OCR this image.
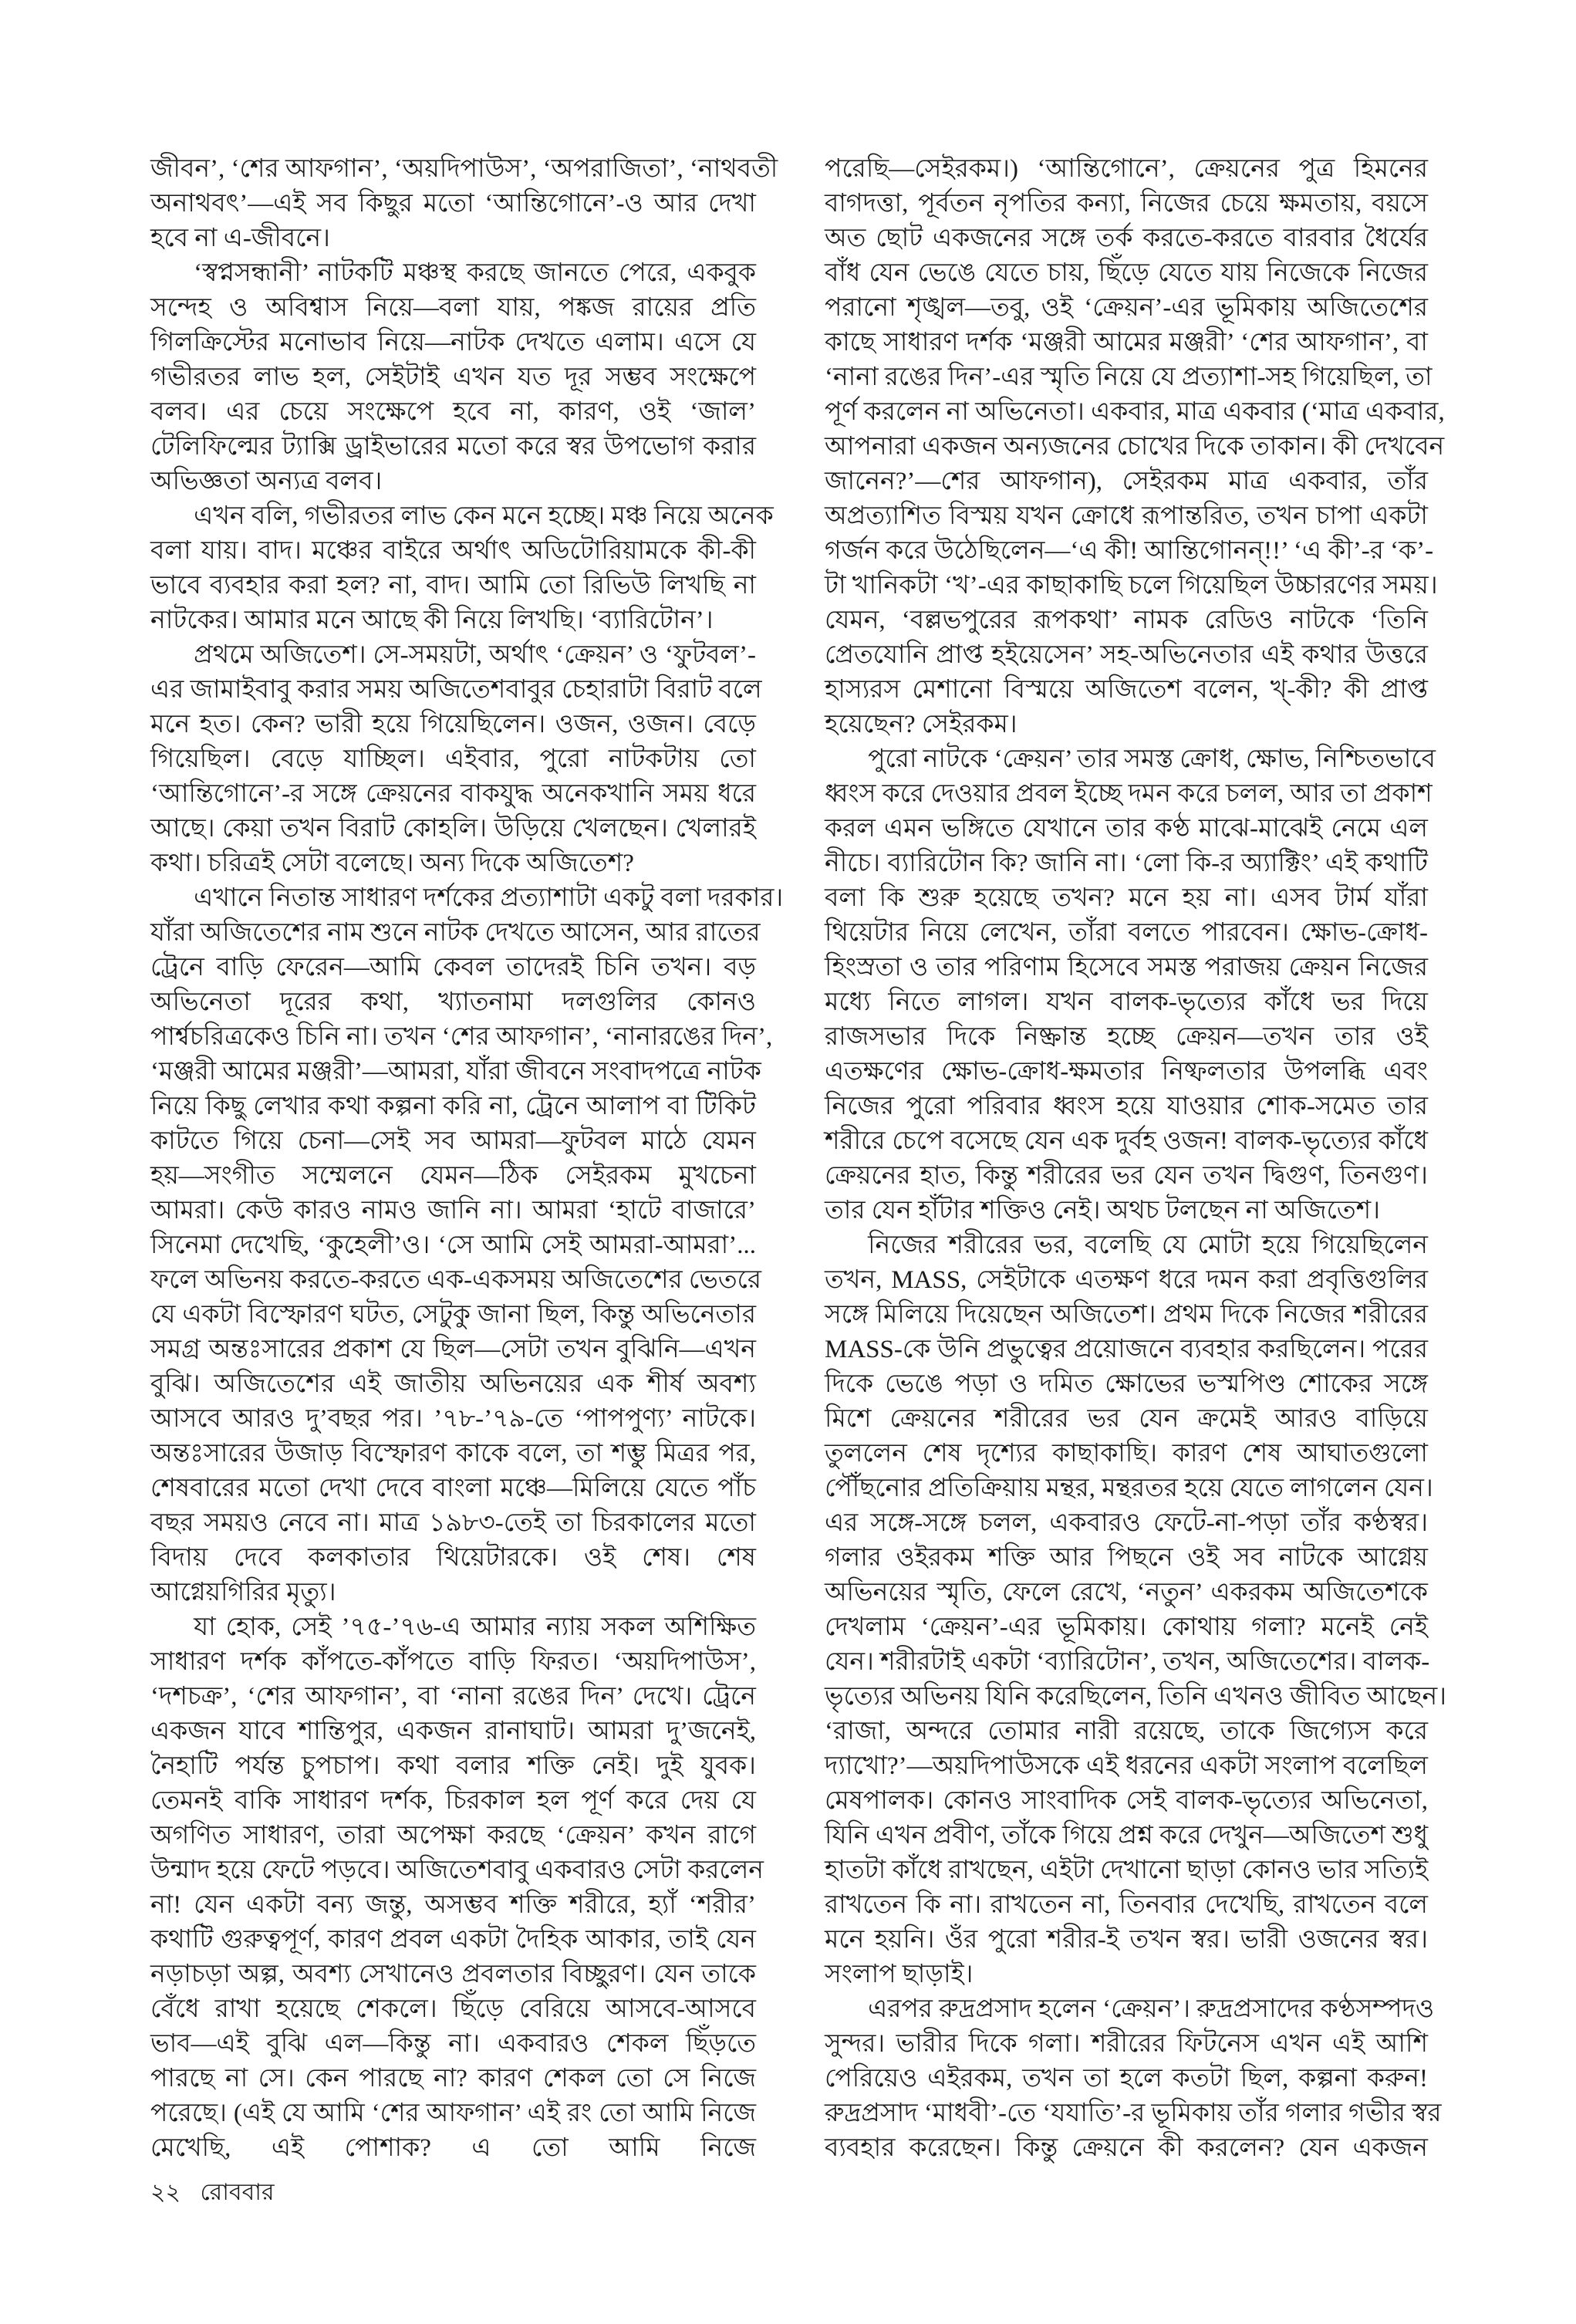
জীবন’, ‘শের আফগান’, ‘অয়দিপাউস’, ‘অপরাজিতা’, ‘নাথবতী
অনাথবৎ’—এই সব কিছুর মতো ‘আন্তিগোনে’-ও আর দেখা
হবে না এ-জীবনে।
‘স্বপ্নসন্ধানী’ নাটকটি মঞ্চস্থ করছে জানতে পেরে, একবুক
সন্দেহ ও অবিশ্বাস নিয়ে—বলা যায়, পঙ্কজ রায়ের প্রতি
গিলক্রিস্টের মনোভাব নিয়ে—নাটক দেখতে এলাম। এসে যে
গভীরতর লাভ হল, সেইটাই এখন যত দূর সম্ভব সংক্ষেপে
বলব। এর চেয়ে সংক্ষেপে হবে না, কারণ, ওই ‘জাল’
টেলিফিল্মের ট্যাক্সি ড্রাইভারের মতো করে স্বর উপভোগ করার
অভিজ্ঞতা অন্যত্র বলব।
এখন বলি, গভীরতর লাভ কেন মনে হচ্ছে। মঞ্চ নিয়ে অনেক
বলা যায়। বাদ। মঞ্চের বাইরে অর্থাৎ অডিটোরিয়ামকে কী-কী
ভাবে ব্যবহার করা হল? না, বাদ। আমি তো রিভিউ লিখছি না
নাটকের। আমার মনে আছে কী নিয়ে লিখছি। ‘ব্যারিটোন’।
প্রথমে অজিতেশ। সে-সময়টা, অর্থাৎ ‘ক্রেয়ন’ ও ‘ফুটবল’-
এর জামাইবাবু করার সময় অজিতেশবাবুর চেহারাটা বিরাট বলে
মনে হত। কেন? ভারী হয়ে গিয়েছিলেন। ওজন, ওজন। বেড়ে
গিয়েছিল। বেড়ে যাচ্ছিল। এইবার, পুরো নাটকটায় তো
‘আন্তিগোনে’-র সঙ্গে ক্রেয়নের বাকযুদ্ধ অনেকখানি সময় ধরে
আছে। কেয়া তখন বিরাট কোহলি। উড়িয়ে খেলছেন। খেলারই
কথা। চরিত্রই সেটা বলেছে। অন্য দিকে অজিতেশ?
এখানে নিতান্ত সাধারণ দর্শকের প্রত্যাশাটা একটু বলা দরকার।
যাঁরা অজিতেশের নাম শুনে নাটক দেখতে আসেন, আর রাতের
ট্রেনে বাড়ি ফেরেন—আমি কেবল তাদেরই চিনি তখন। বড়
অভিনেতা দূরের কথা, খ্যাতনামা দলগুলির কোনও
পার্শ্বচরিত্রকেও চিনি না। তখন ‘শের আফগান’, ‘নানারঙের দিন’,
‘মঞ্জরী আমের মঞ্জরী’—আমরা, যাঁরা জীবনে সংবাদপত্রে নাটক
নিয়ে কিছু লেখার কথা কল্পনা করি না, ট্রেনে আলাপ বা টিকিট
কাটতে গিয়ে চেনা—সেই সব আমরা—ফুটবল মাঠে যেমন
হয়—সংগীত সম্মেলনে যেমন—ঠিক সেইরকম মুখচেনা
আমরা। কেউ কারও নামও জানি না। আমরা ‘হাটে বাজারে’
সিনেমা দেখেছি, ‘কুহেলী’ও। ‘সে আমি সেই আমরা-আমরা’...
ফলে অভিনয় করতে-করতে এক-একসময় অজিতেশের ভেতরে
যে একটা বিস্ফোরণ ঘটত, সেটুকু জানা ছিল, কিন্তু অভিনেতার
সমগ্র অন্তঃসারের প্রকাশ যে ছিল—সেটা তখন বুঝিনি—এখন
বুঝি। অজিতেশের এই জাতীয় অভিনয়ের এক শীর্ষ অবশ্য
আসবে আরও দু’বছর পর। ’৭৮-’৭৯-তে ‘পাপপুণ্য’ নাটকে।
অন্তঃসারের উজাড় বিস্ফোরণ কাকে বলে, তা শম্ভু মিত্রর পর,
শেষবারের মতো দেখা দেবে বাংলা মঞ্চে—মিলিয়ে যেতে পাঁচ
বছর সময়ও নেবে না। মাত্র ১৯৮৩-তেই তা চিরকালের মতো
বিদায় দেবে কলকাতার থিয়েটারকে। ওই শেষ। শেষ
আগ্নেয়গিরির মৃত্যু।
যা হোক, সেই ’৭৫-’৭৬-এ আমার ন্যায় সকল অশিক্ষিত
সাধারণ দর্শক কাঁপতে-কাঁপতে বাড়ি ফিরত। ‘অয়দিপাউস’,
‘দশচক্র’, ‘শের আফগান’, বা ‘নানা রঙের দিন’ দেখে। ট্রেনে
একজন যাবে শান্তিপুর, একজন রানাঘাট। আমরা দু’জনেই,
নৈহাটি পর্যন্ত চুপচাপ। কথা বলার শক্তি নেই। দুই যুবক।
তেমনই বাকি সাধারণ দর্শক, চিরকাল হল পূর্ণ করে দেয় যে
অগণিত সাধারণ, তারা অপেক্ষা করছে ‘ক্রেয়ন’ কখন রাগে
উন্মাদ হয়ে ফেটে পড়বে। অজিতেশবাবু একবারও সেটা করলেন
না! যেন একটা বন্য জন্তু, অসম্ভব শক্তি শরীরে, হ্যাঁ ‘শরীর’
কথাটি গুরুত্বপূর্ণ, কারণ প্রবল একটা দৈহিক আকার, তাই যেন
নড়াচড়া অল্প, অবশ্য সেখানেও প্রবলতার বিচ্ছুরণ। যেন তাকে
বেঁধে রাখা হয়েছে শেকলে। ছিঁড়ে বেরিয়ে আসবে-আসবে
ভাব—এই বুঝি এল—কিন্তু না। একবারও শেকল ছিঁড়তে
পারছে না সে। কেন পারছে না? কারণ শেকল তো সে নিজে
পরেছে। (এই যে আমি ‘শের আফগান’ এই রং তো আমি নিজে
মেখেছি, এই পোশাক? এ তো আমি নিজে
পরেছি—সেইরকম।) ‘আন্তিগোনে’, ক্রেয়নের পুত্র হিমনের
বাগদত্তা, পূর্বতন নৃপতির কন্যা, নিজের চেয়ে ক্ষমতায়, বয়সে
অত ছোট একজনের সঙ্গে তর্ক করতে-করতে বারবার ধৈর্যের
বাঁধ যেন ভেঙে যেতে চায়, ছিঁড়ে যেতে যায় নিজেকে নিজের
পরানো শৃঙ্খল—তবু, ওই ‘ক্রেয়ন’-এর ভূমিকায় অজিতেশের
কাছে সাধারণ দর্শক ‘মঞ্জরী আমের মঞ্জরী’ ‘শের আফগান’, বা
‘নানা রঙের দিন’-এর স্মৃতি নিয়ে যে প্রত্যাশা-সহ গিয়েছিল, তা
পূর্ণ করলেন না অভিনেতা। একবার, মাত্র একবার (‘মাত্র একবার,
আপনারা একজন অন্যজনের চোখের দিকে তাকান। কী দেখবেন
জানেন?’—শের আফগান), সেইরকম মাত্র একবার, তাঁর
অপ্রত্যাশিত বিস্ময় যখন ক্রোধে রূপান্তরিত, তখন চাপা একটা
গর্জন করে উঠেছিলেন—‘এ কী! আন্তিগোনন্‌!!’ ‘এ কী’-র ‘ক’-
টা খানিকটা ‘খ’-এর কাছাকাছি চলে গিয়েছিল উচ্চারণের সময়।
যেমন, ‘বল্লভপুরের রূপকথা’ নামক রেডিও নাটকে ‘তিনি
প্রেতযোনি প্রাপ্ত হইয়েসেন’ সহ-অভিনেতার এই কথার উত্তরে
হাস্যরস মেশানো বিস্ময়ে অজিতেশ বলেন, খ্‌-কী? কী প্রাপ্ত
হয়েছেন? সেইরকম।
পুরো নাটকে ‘ক্রেয়ন’ তার সমস্ত ক্রোধ, ক্ষোভ, নিশ্চিতভাবে
ধ্বংস করে দেওয়ার প্রবল ইচ্ছে দমন করে চলল, আর তা প্রকাশ
করল এমন ভঙ্গিতে যেখানে তার কণ্ঠ মাঝে-মাঝেই নেমে এল
নীচে। ব্যারিটোন কি? জানি না। ‘লো কি-র অ্যাক্টিং’ এই কথাটি
বলা কি শুরু হয়েছে তখন? মনে হয় না। এসব টার্ম যাঁরা
থিয়েটার নিয়ে লেখেন, তাঁরা বলতে পারবেন। ক্ষোভ-ক্রোধ-
হিংস্রতা ও তার পরিণাম হিসেবে সমস্ত পরাজয় ক্রেয়ন নিজের
মধ্যে নিতে লাগল। যখন বালক-ভৃত্যের কাঁধে ভর দিয়ে
রাজসভার দিকে নিষ্ক্রান্ত হচ্ছে ক্রেয়ন—তখন তার ওই
এতক্ষণের ক্ষোভ-ক্রোধ-ক্ষমতার নিষ্ফলতার উপলব্ধি এবং
নিজের পুরো পরিবার ধ্বংস হয়ে যাওয়ার শোক-সমেত তার
শরীরে চেপে বসেছে যেন এক দুর্বহ ওজন! বালক-ভৃত্যের কাঁধে
ক্রেয়নের হাত, কিন্তু শরীরের ভর যেন তখন দ্বিগুণ, তিনগুণ।
তার যেন হাঁটার শক্তিও নেই। অথচ টলছেন না অজিতেশ।
নিজের শরীরের ভর, বলেছি যে মোটা হয়ে গিয়েছিলেন
তখন, MASS, সেইটাকে এতক্ষণ ধরে দমন করা প্রবৃত্তিগুলির
সঙ্গে মিলিয়ে দিয়েছেন অজিতেশ। প্রথম দিকে নিজের শরীরের
MASS-কে উনি প্রভুত্বের প্রয়োজনে ব্যবহার করছিলেন। পরের
দিকে ভেঙে পড়া ও দমিত ক্ষোভের ভস্মপিণ্ড শোকের সঙ্গে
মিশে ক্রেয়নের শরীরের ভর যেন ক্রমেই আরও বাড়িয়ে
তুললেন শেষ দৃশ্যের কাছাকাছি। কারণ শেষ আঘাতগুলো
পৌঁছনোর প্রতিক্রিয়ায় মন্থর, মন্থরতর হয়ে যেতে লাগলেন যেন।
এর সঙ্গে-সঙ্গে চলল, একবারও ফেটে-না-পড়া তাঁর কণ্ঠস্বর।
গলার ওইরকম শক্তি আর পিছনে ওই সব নাটকে আগ্নেয়
অভিনয়ের স্মৃতি, ফেলে রেখে, ‘নতুন’ একরকম অজিতেশকে
দেখলাম ‘ক্রেয়ন’-এর ভূমিকায়। কোথায় গলা? মনেই নেই
যেন। শরীরটাই একটা ‘ব্যারিটোন’, তখন, অজিতেশের। বালক-
ভৃত্যের অভিনয় যিনি করেছিলেন, তিনি এখনও জীবিত আছেন।
‘রাজা, অন্দরে তোমার নারী রয়েছে, তাকে জিগ্যেস করে
দ্যাখো?’—অয়দিপাউসকে এই ধরনের একটা সংলাপ বলেছিল
মেষপালক। কোনও সাংবাদিক সেই বালক-ভৃত্যের অভিনেতা,
যিনি এখন প্রবীণ, তাঁকে গিয়ে প্রশ্ন করে দেখুন—অজিতেশ শুধু
হাতটা কাঁধে রাখছেন, এইটা দেখানো ছাড়া কোনও ভার সত্যিই
রাখতেন কি না। রাখতেন না, তিনবার দেখেছি, রাখতেন বলে
মনে হয়নি। ওঁর পুরো শরীর-ই তখন স্বর। ভারী ওজনের স্বর।
সংলাপ ছাড়াই।
এরপর রুদ্রপ্রসাদ হলেন ‘ক্রেয়ন’। রুদ্রপ্রসাদের কণ্ঠসম্পদও
সুন্দর। ভারীর দিকে গলা। শরীরের ফিটনেস এখন এই আশি
পেরিয়েও এইরকম, তখন তা হলে কতটা ছিল, কল্পনা করুন!
রুদ্রপ্রসাদ ‘মাধবী’-তে ‘যযাতি’-র ভূমিকায় তাঁর গলার গভীর স্বর
ব্যবহার করেছেন। কিন্তু ক্রেয়নে কী করলেন? যেন একজন
২২ রোববার
